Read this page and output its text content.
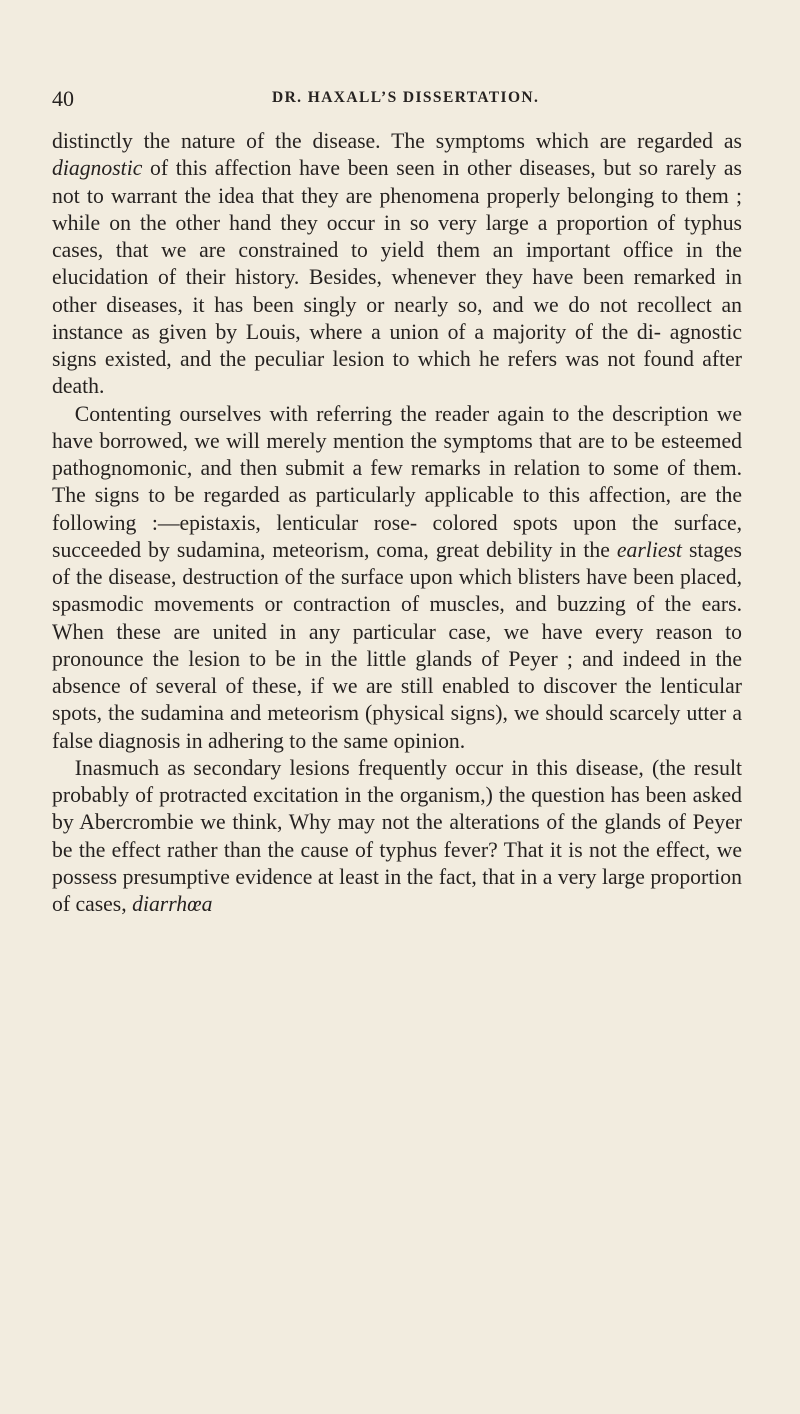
40	DR. HAXALL’S DISSERTATION.

distinctly the nature of the disease. The symptoms which are regarded as diagnostic of this affection have been seen in other diseases, but so rarely as not to warrant the idea that they are phenomena properly belonging to them ; while on the other hand they occur in so very large a proportion of typhus cases, that we are constrained to yield them an important office in the elucidation of their history. Besides, whenever they have been remarked in other diseases, it has been singly or nearly so, and we do not recollect an instance as given by Louis, where a union of a majority of the di- agnostic signs existed, and the peculiar lesion to which he refers was not found after death.

Contenting ourselves with referring the reader again to the description we have borrowed, we will merely mention the symptoms that are to be esteemed pathognomonic, and then submit a few remarks in relation to some of them. The signs to be regarded as particularly applicable to this affection, are the following :—epistaxis, lenticular rose- colored spots upon the surface, succeeded by sudamina, meteorism, coma, great debility in the earliest stages of the disease, destruction of the surface upon which blisters have been placed, spasmodic movements or contraction of muscles, and buzzing of the ears. When these are united in any particular case, we have every reason to pronounce the lesion to be in the little glands of Peyer ; and indeed in the absence of several of these, if we are still enabled to discover the lenticular spots, the sudamina and meteorism (physical signs), we should scarcely utter a false diagnosis in adhering to the same opinion.

Inasmuch as secondary lesions frequently occur in this disease, (the result probably of protracted excitation in the organism,) the question has been asked by Abercrombie we think, Why may not the alterations of the glands of Peyer be the effect rather than the cause of typhus fever? That it is not the effect, we possess presumptive evidence at least in the fact, that in a very large proportion of cases, diarrhœa
